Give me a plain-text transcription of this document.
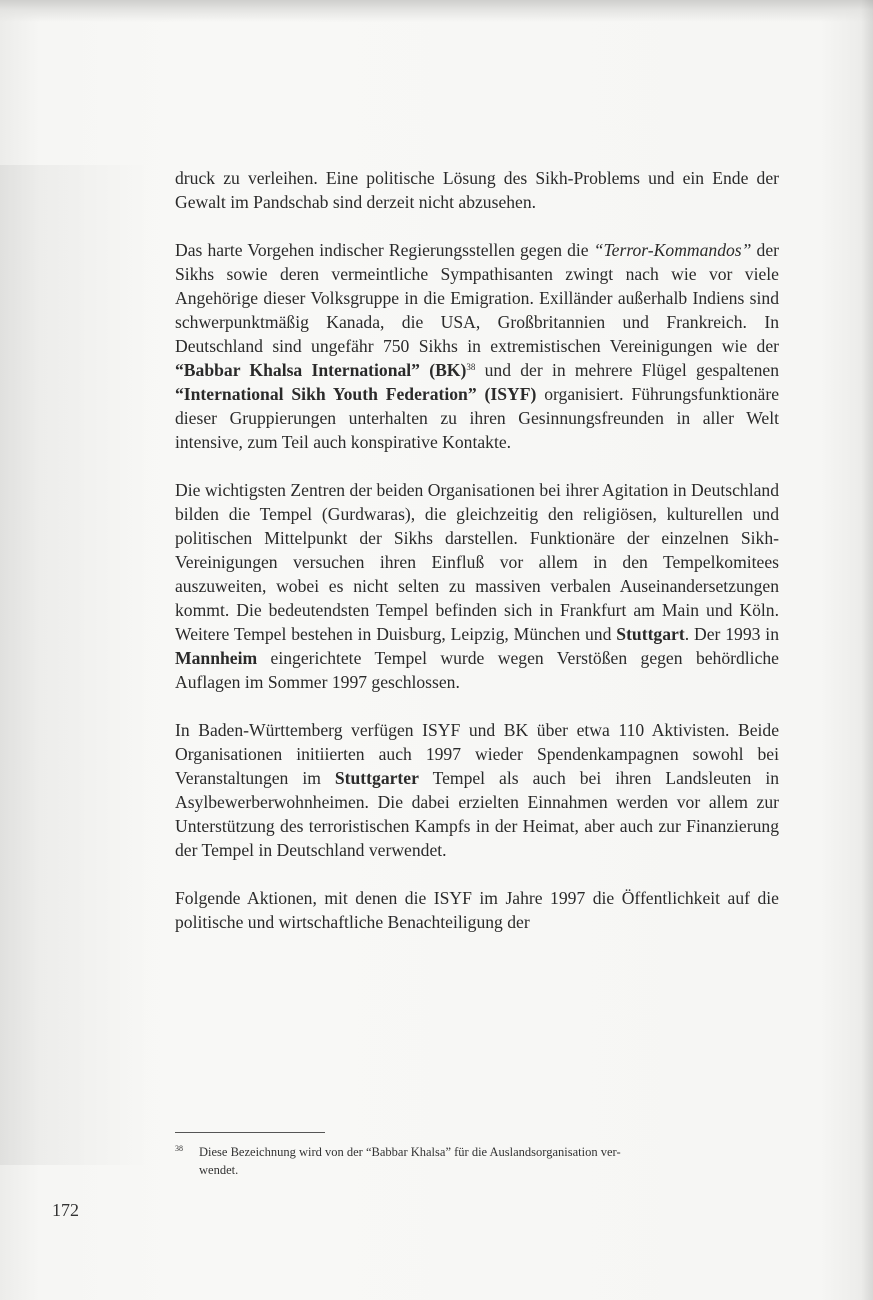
druck zu verleihen. Eine politische Lösung des Sikh-Problems und ein Ende der Gewalt im Pandschab sind derzeit nicht abzusehen.

Das harte Vorgehen indischer Regierungsstellen gegen die “Terror-Kommandos” der Sikhs sowie deren vermeintliche Sympathisanten zwingt nach wie vor viele Angehörige dieser Volksgruppe in die Emigration. Exilländer außerhalb Indiens sind schwerpunktmäßig Kanada, die USA, Großbritannien und Frankreich. In Deutschland sind ungefähr 750 Sikhs in extremistischen Vereinigungen wie der “Babbar Khalsa International” (BK)$^{38}$ und der in mehrere Flügel gespaltenen “International Sikh Youth Federation” (ISYF) organisiert. Führungsfunktionäre dieser Gruppierungen unterhalten zu ihren Gesinnungsfreunden in aller Welt intensive, zum Teil auch konspirative Kontakte.

Die wichtigsten Zentren der beiden Organisationen bei ihrer Agitation in Deutschland bilden die Tempel (Gurdwaras), die gleichzeitig den religiösen, kulturellen und politischen Mittelpunkt der Sikhs darstellen. Funktionäre der einzelnen Sikh-Vereinigungen versuchen ihren Einfluß vor allem in den Tempelkomitees auszuweiten, wobei es nicht selten zu massiven verbalen Auseinandersetzungen kommt. Die bedeutendsten Tempel befinden sich in Frankfurt am Main und Köln. Weitere Tempel bestehen in Duisburg, Leipzig, München und Stuttgart. Der 1993 in Mannheim eingerichtete Tempel wurde wegen Verstößen gegen behördliche Auflagen im Sommer 1997 geschlossen.

In Baden-Württemberg verfügen ISYF und BK über etwa 110 Aktivisten. Beide Organisationen initiierten auch 1997 wieder Spendenkampagnen sowohl bei Veranstaltungen im Stuttgarter Tempel als auch bei ihren Landsleuten in Asylbewerberwohnheimen. Die dabei erzielten Einnahmen werden vor allem zur Unterstützung des terroristischen Kampfs in der Heimat, aber auch zur Finanzierung der Tempel in Deutschland verwendet.

Folgende Aktionen, mit denen die ISYF im Jahre 1997 die Öffentlichkeit auf die politische und wirtschaftliche Benachteiligung der

38 Diese Bezeichnung wird von der “Babbar Khalsa” für die Auslandsorganisation ver-
wendet.
172
